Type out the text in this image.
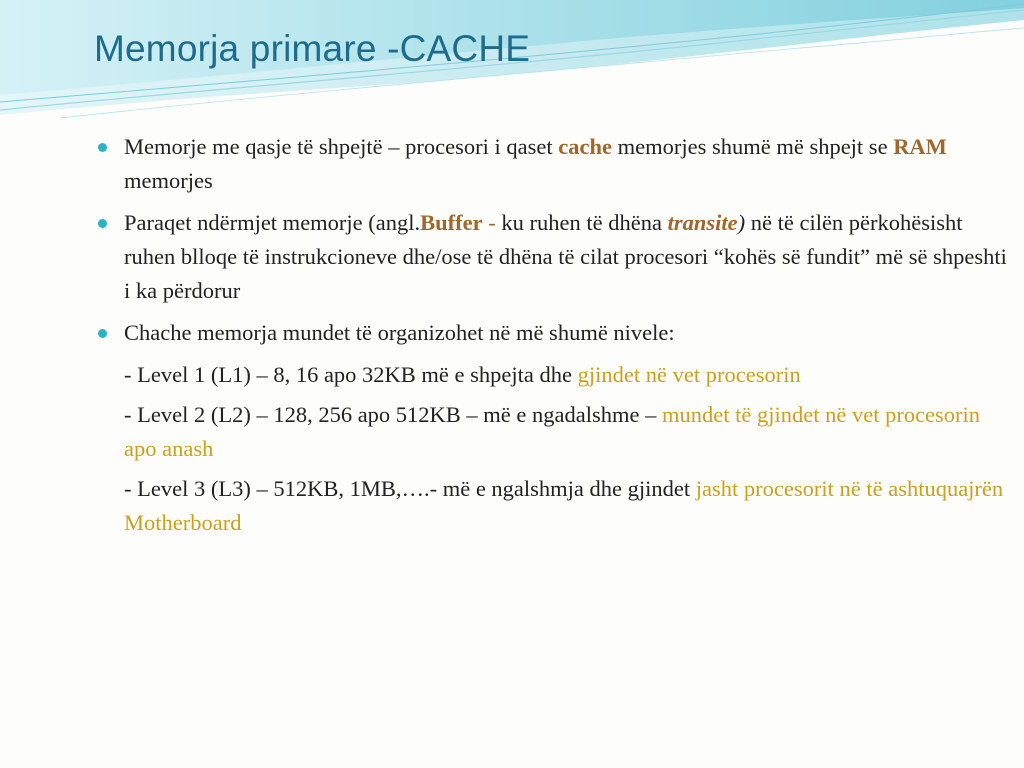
Memorja primare -CACHE
Memorje me qasje të shpejtë – procesori i qaset cache memorjes shumë më shpejt se RAM memorjes
Paraqet ndërmjet memorje (angl.Buffer - ku ruhen të dhëna transite) në të cilën përkohësisht ruhen blloqe të instrukcioneve dhe/ose të dhëna të cilat procesori “kohës së fundit” më së shpeshti i ka përdorur
Chache memorja mundet të organizohet në më shumë nivele:
- Level 1 (L1) – 8, 16 apo 32KB më e shpejta dhe gjindet në vet procesorin
- Level 2 (L2) – 128, 256 apo 512KB – më e ngadalshme – mundet të gjindet në vet procesorin apo anash
- Level 3 (L3) – 512KB, 1MB,….- më e ngalshmja dhe gjindet jasht procesorit në të ashtuquajrën Motherboard
